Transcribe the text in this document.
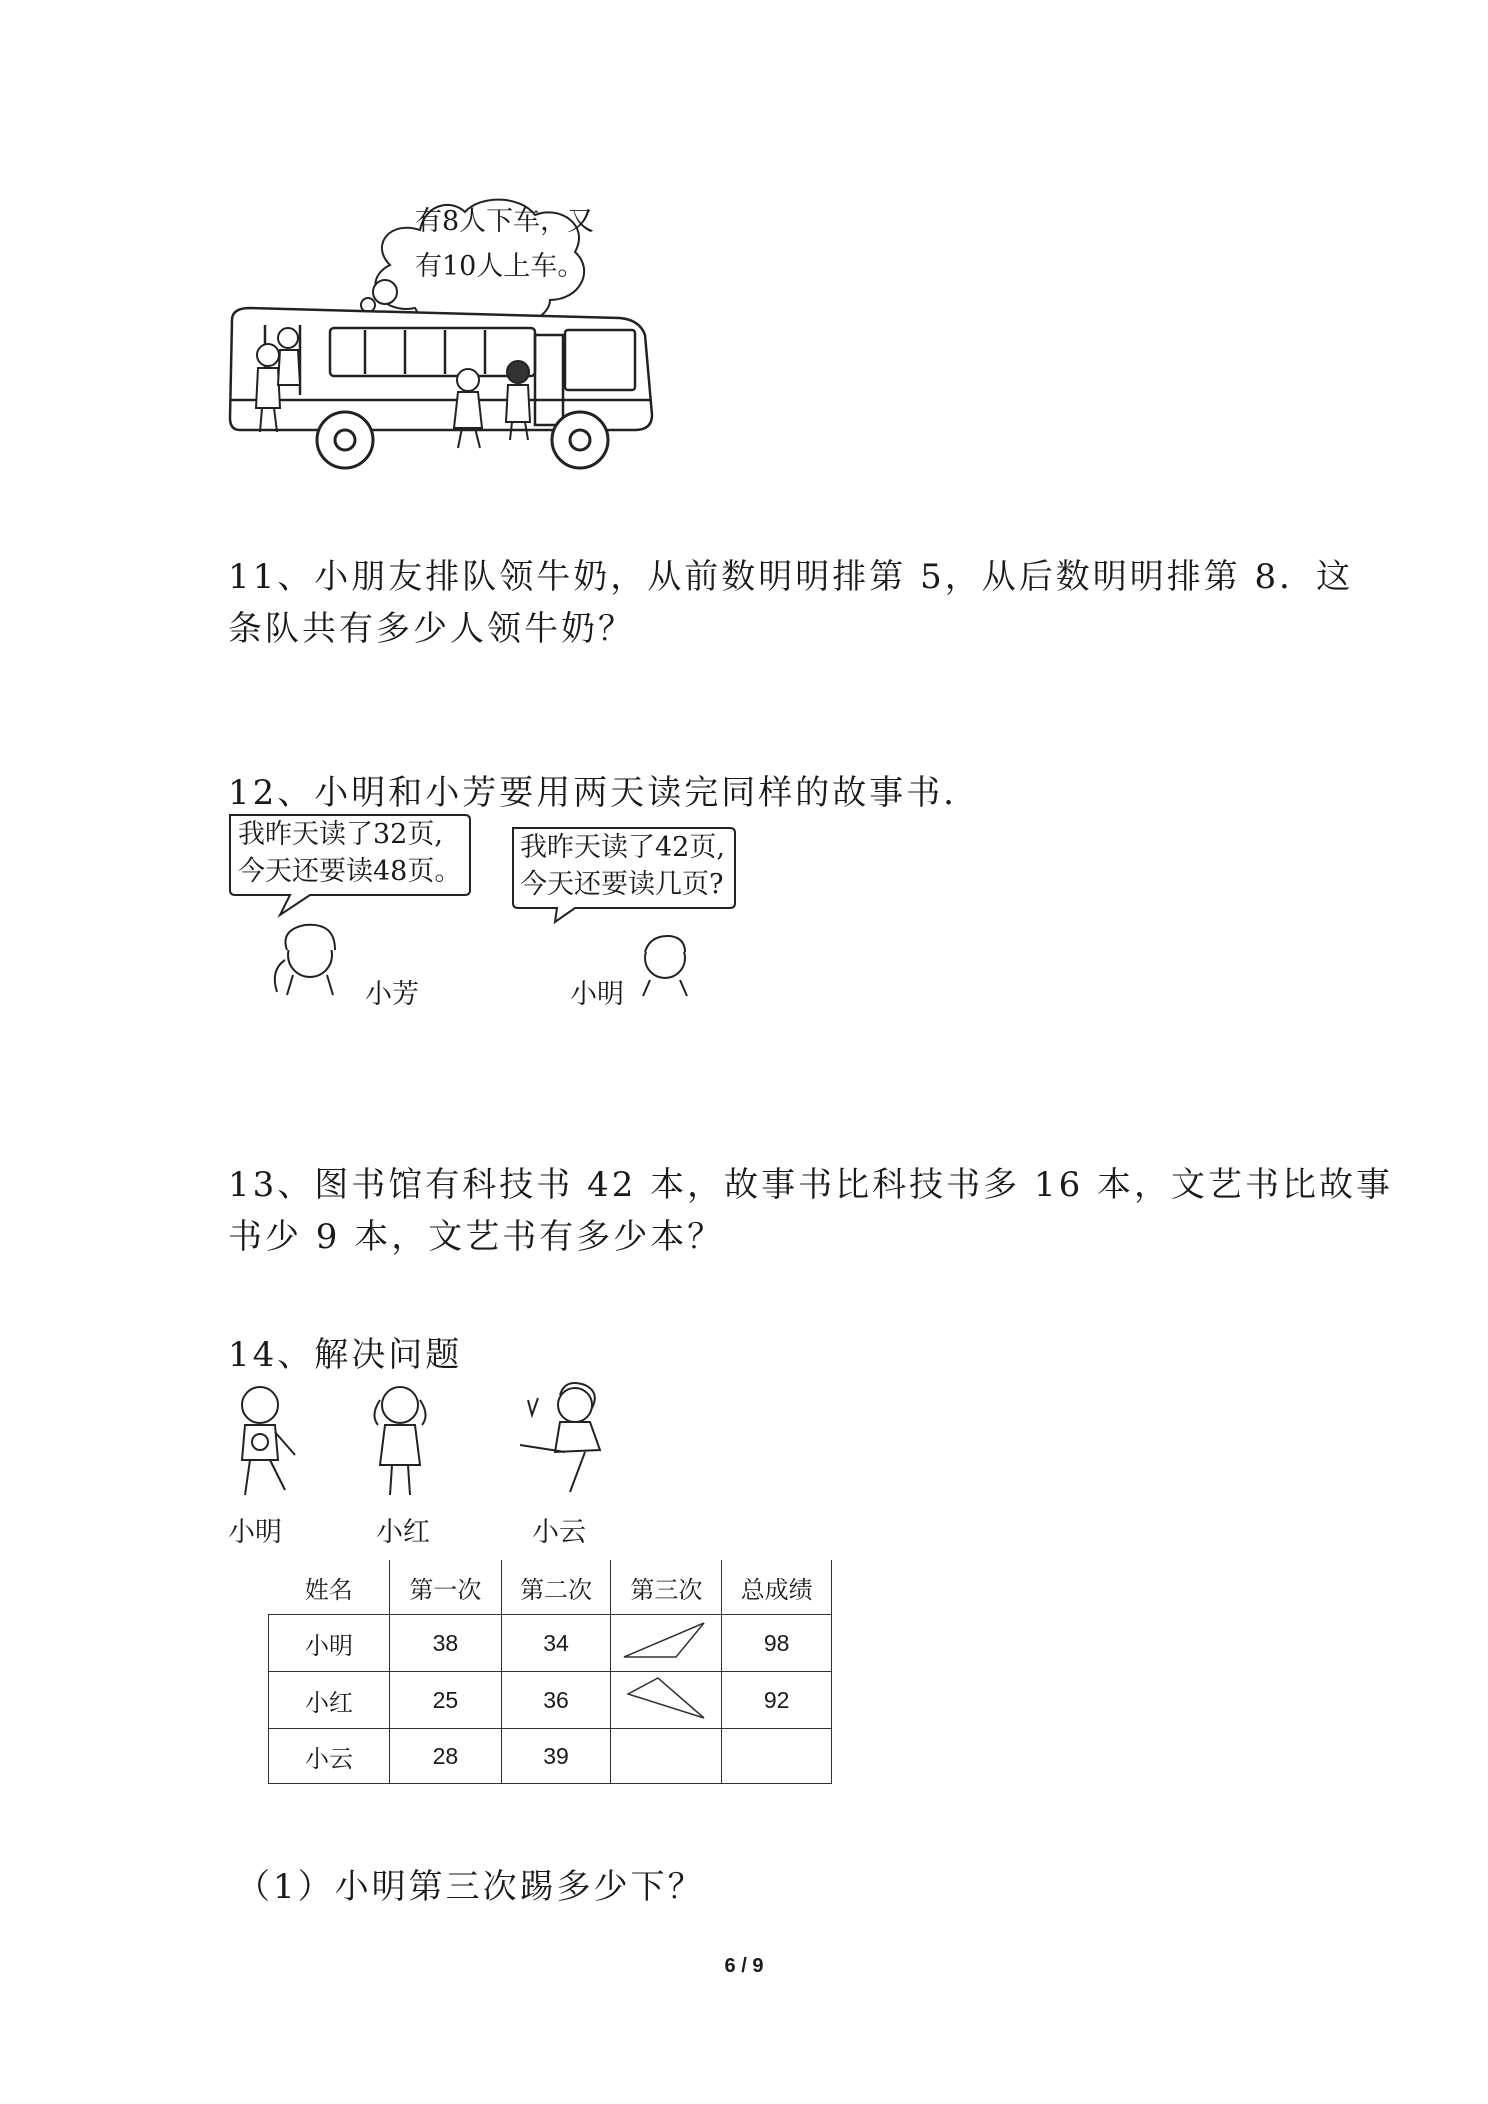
有8人下车，又
有10人上车。
11、小朋友排队领牛奶，从前数明明排第 5，从后数明明排第 8．这
条队共有多少人领牛奶？
12、小明和小芳要用两天读完同样的故事书．
我昨天读了32页,
今天还要读48页。
我昨天读了42页,
今天还要读几页?
小芳	小明
13、图书馆有科技书 42 本，故事书比科技书多 16 本，文艺书比故事
书少 9 本，文艺书有多少本？
14、解决问题
小明	小红	小云
姓名	第一次	第二次	第三次	总成绩
小明	38	34		98
小红	25	36		92
小云	28	39		
（1）小明第三次踢多少下？
6 / 9
